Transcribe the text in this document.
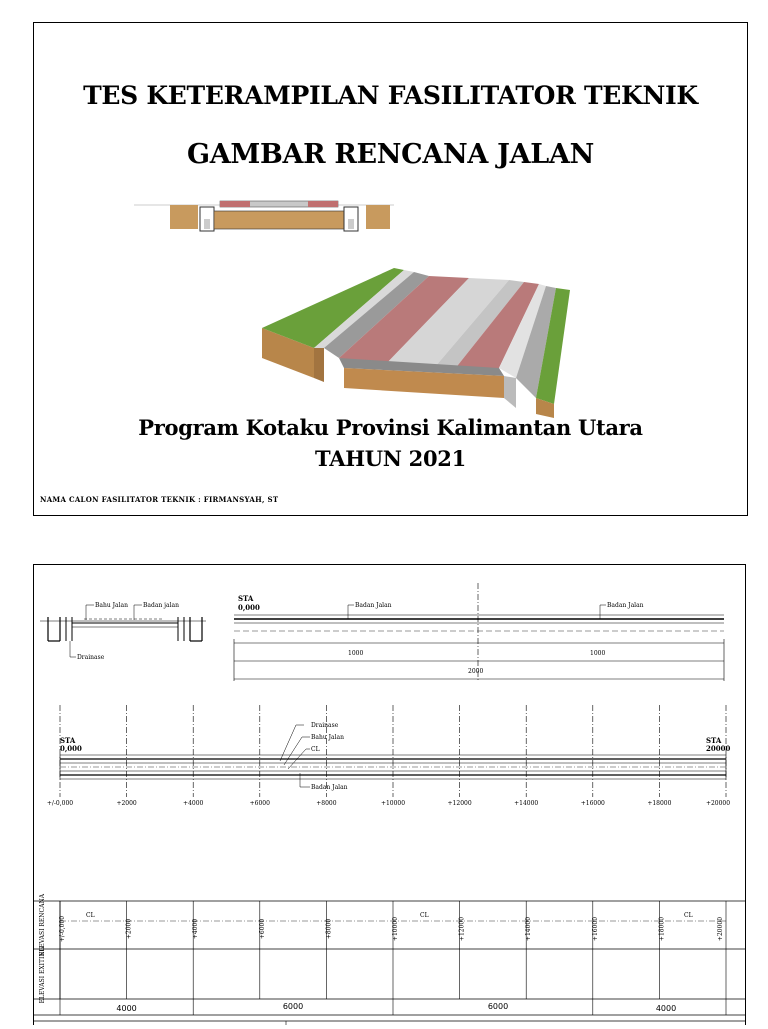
TES KETERAMPILAN FASILITATOR TEKNIK
GAMBAR RENCANA JALAN
Program Kotaku Provinsi Kalimantan Utara
TAHUN 2021
NAMA CALON FASILITATOR TEKNIK : FIRMANSYAH, ST
Bahu Jalan	Badan jalan
Drainase
STA
0,000	Badan Jalan	Badan Jalan
1000	1000
2000
STA
0,000
STA
20000
Drainase
Bahu Jalan
CL
Badan Jalan
+/-0,000	+2000	+4000	+6000	+8000	+10000	+12000	+14000	+16000	+18000	+20000
ELEVASI RENCANA
ELEVASI EXITING
+/-0,000	+2000	+4000	+6000	+8000	+10000	+12000	+14000	+16000	+18000	+20000
CL	CL	CL
4000	6000	6000	4000
